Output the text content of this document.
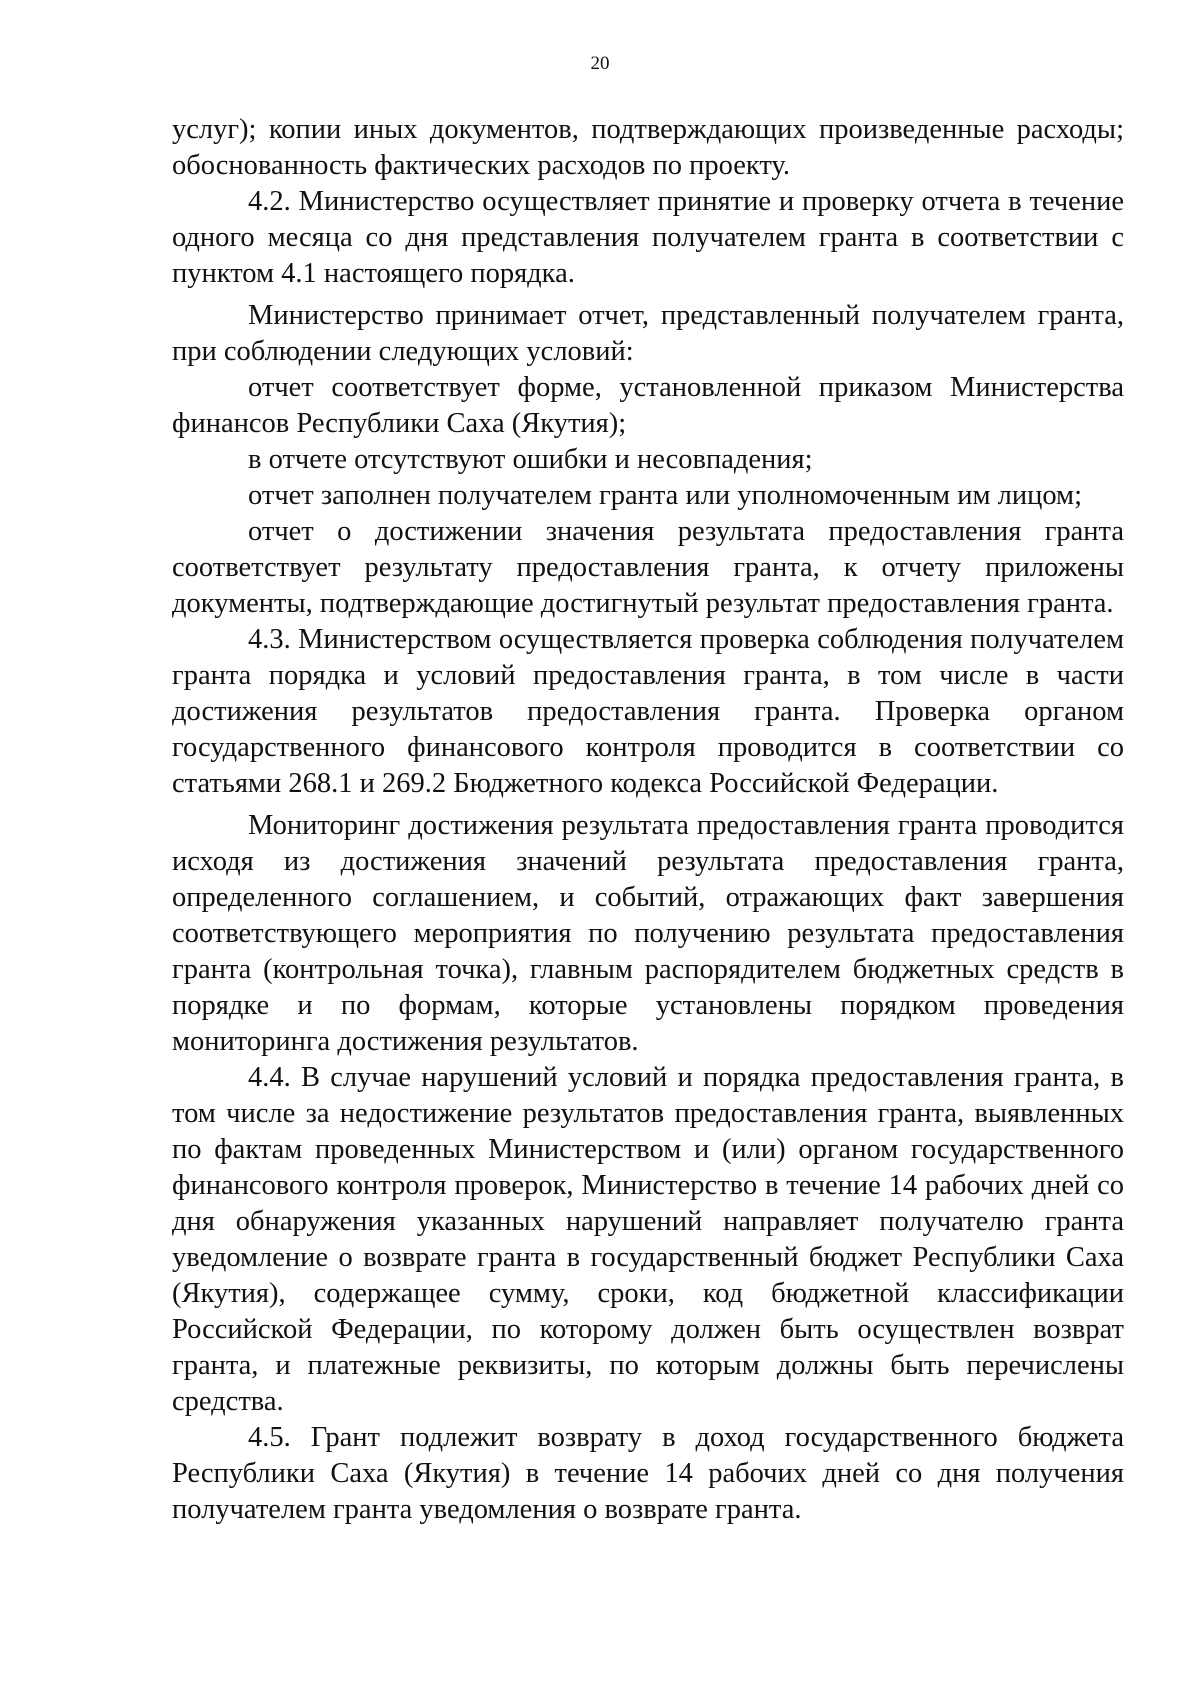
20

услуг); копии иных документов, подтверждающих произведенные расходы; обоснованность фактических расходов по проекту.

4.2. Министерство осуществляет принятие и проверку отчета в течение одного месяца со дня представления получателем гранта в соответствии с пунктом 4.1 настоящего порядка.

Министерство принимает отчет, представленный получателем гранта, при соблюдении следующих условий:

отчет соответствует форме, установленной приказом Министерства финансов Республики Саха (Якутия);

в отчете отсутствуют ошибки и несовпадения;

отчет заполнен получателем гранта или уполномоченным им лицом;

отчет о достижении значения результата предоставления гранта соответствует результату предоставления гранта, к отчету приложены документы, подтверждающие достигнутый результат предоставления гранта.

4.3. Министерством осуществляется проверка соблюдения получателем гранта порядка и условий предоставления гранта, в том числе в части достижения результатов предоставления гранта. Проверка органом государственного финансового контроля проводится в соответствии со статьями 268.1 и 269.2 Бюджетного кодекса Российской Федерации.

Мониторинг достижения результата предоставления гранта проводится исходя из достижения значений результата предоставления гранта, определенного соглашением, и событий, отражающих факт завершения соответствующего мероприятия по получению результата предоставления гранта (контрольная точка), главным распорядителем бюджетных средств в порядке и по формам, которые установлены порядком проведения мониторинга достижения результатов.

4.4. В случае нарушений условий и порядка предоставления гранта, в том числе за недостижение результатов предоставления гранта, выявленных по фактам проведенных Министерством и (или) органом государственного финансового контроля проверок, Министерство в течение 14 рабочих дней со дня обнаружения указанных нарушений направляет получателю гранта уведомление о возврате гранта в государственный бюджет Республики Саха (Якутия), содержащее сумму, сроки, код бюджетной классификации Российской Федерации, по которому должен быть осуществлен возврат гранта, и платежные реквизиты, по которым должны быть перечислены средства.

4.5. Грант подлежит возврату в доход государственного бюджета Республики Саха (Якутия) в течение 14 рабочих дней со дня получения получателем гранта уведомления о возврате гранта.
